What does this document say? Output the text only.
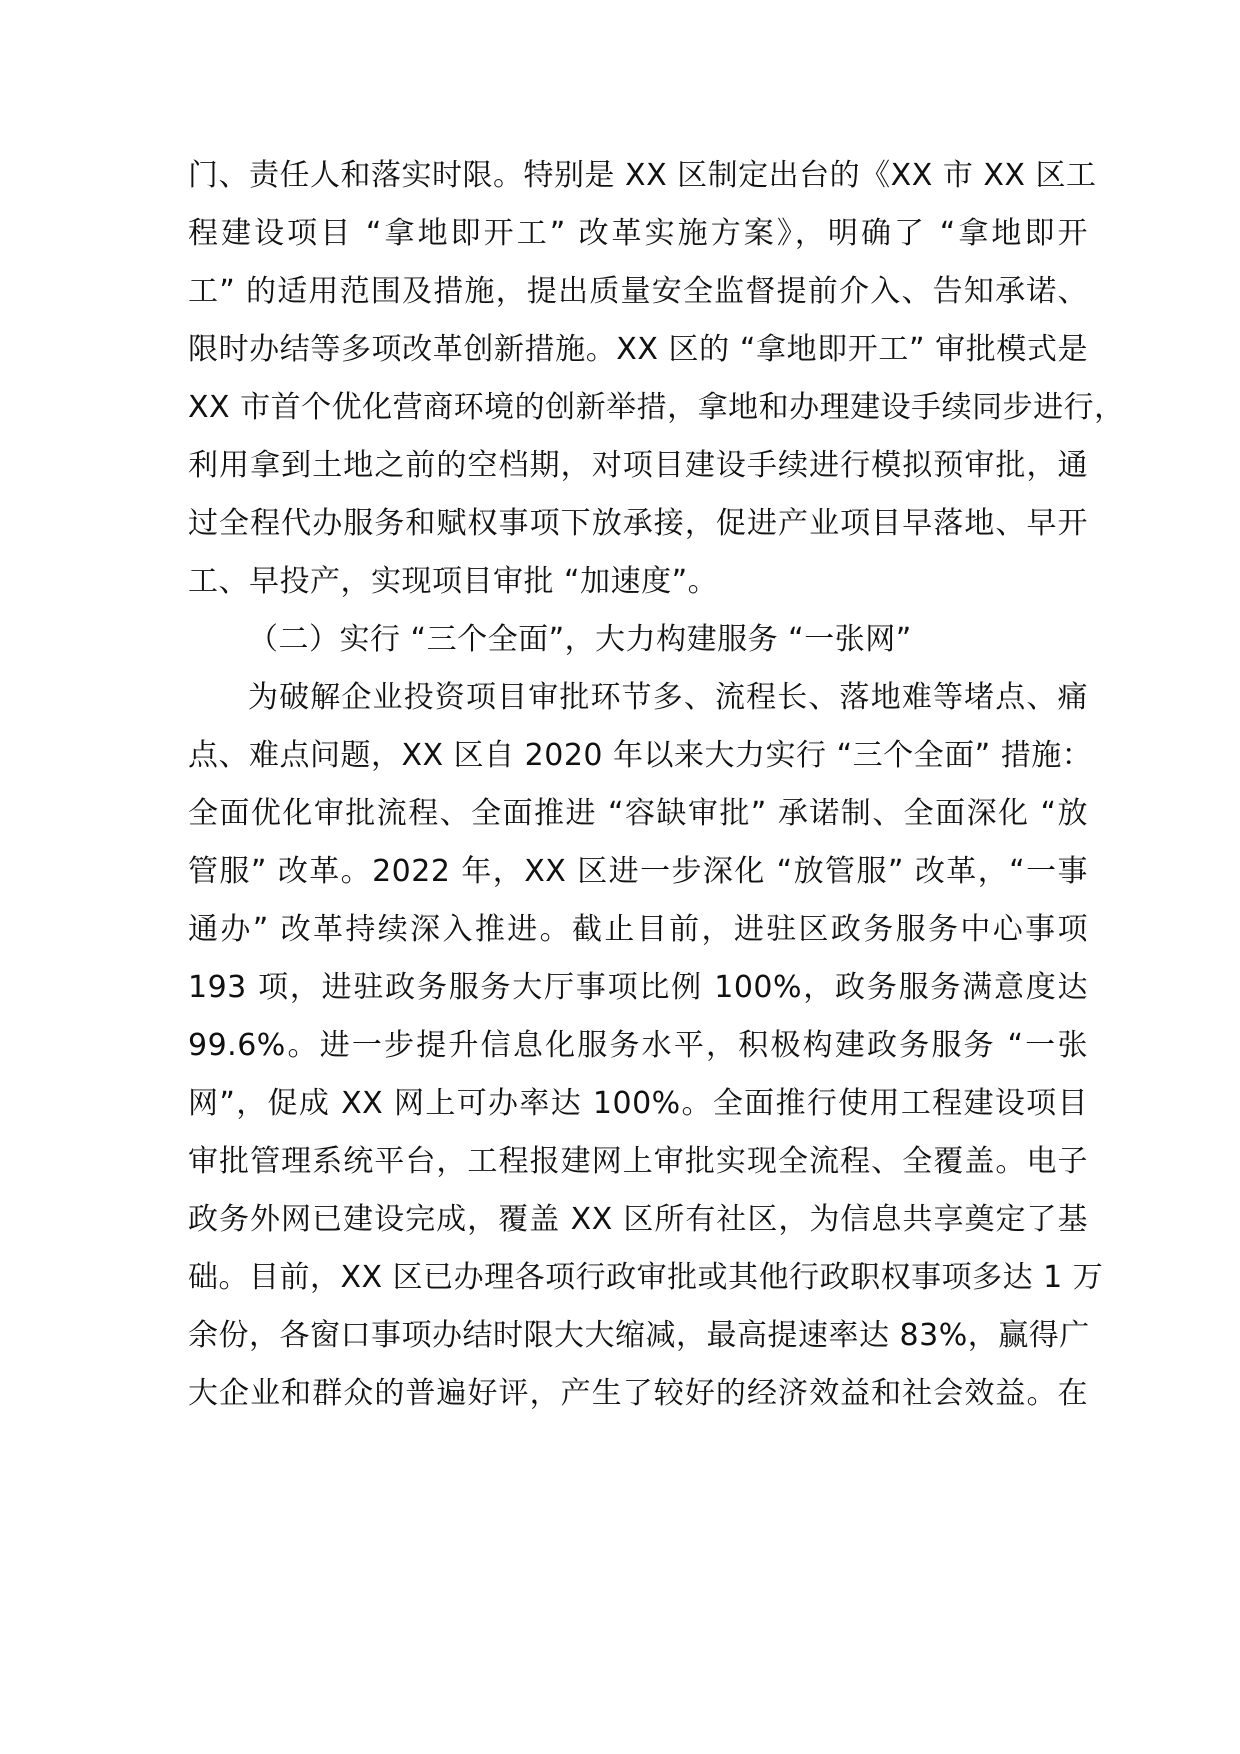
门、责任人和落实时限。特别是 XX 区制定出台的《XX 市 XX 区工
程建设项目 “拿地即开工” 改革实施方案》，明确了 “拿地即开
工” 的适用范围及措施，提出质量安全监督提前介入、告知承诺、
限时办结等多项改革创新措施。XX 区的 “拿地即开工” 审批模式是
XX 市首个优化营商环境的创新举措，拿地和办理建设手续同步进行，
利用拿到土地之前的空档期，对项目建设手续进行模拟预审批，通
过全程代办服务和赋权事项下放承接，促进产业项目早落地、早开
工、早投产，实现项目审批 “加速度”。
（二）实行 “三个全面”，大力构建服务 “一张网”
为破解企业投资项目审批环节多、流程长、落地难等堵点、痛
点、难点问题，XX 区自 2020 年以来大力实行 “三个全面” 措施：
全面优化审批流程、全面推进 “容缺审批” 承诺制、全面深化 “放
管服” 改革。2022 年，XX 区进一步深化 “放管服” 改革，“一事
通办” 改革持续深入推进。截止目前，进驻区政务服务中心事项
193 项，进驻政务服务大厅事项比例 100%，政务服务满意度达
99.6%。进一步提升信息化服务水平，积极构建政务服务 “一张
网”，促成 XX 网上可办率达 100%。全面推行使用工程建设项目
审批管理系统平台，工程报建网上审批实现全流程、全覆盖。电子
政务外网已建设完成，覆盖 XX 区所有社区，为信息共享奠定了基
础。目前，XX 区已办理各项行政审批或其他行政职权事项多达 1 万
余份，各窗口事项办结时限大大缩减，最高提速率达 83%，赢得广
大企业和群众的普遍好评，产生了较好的经济效益和社会效益。在
